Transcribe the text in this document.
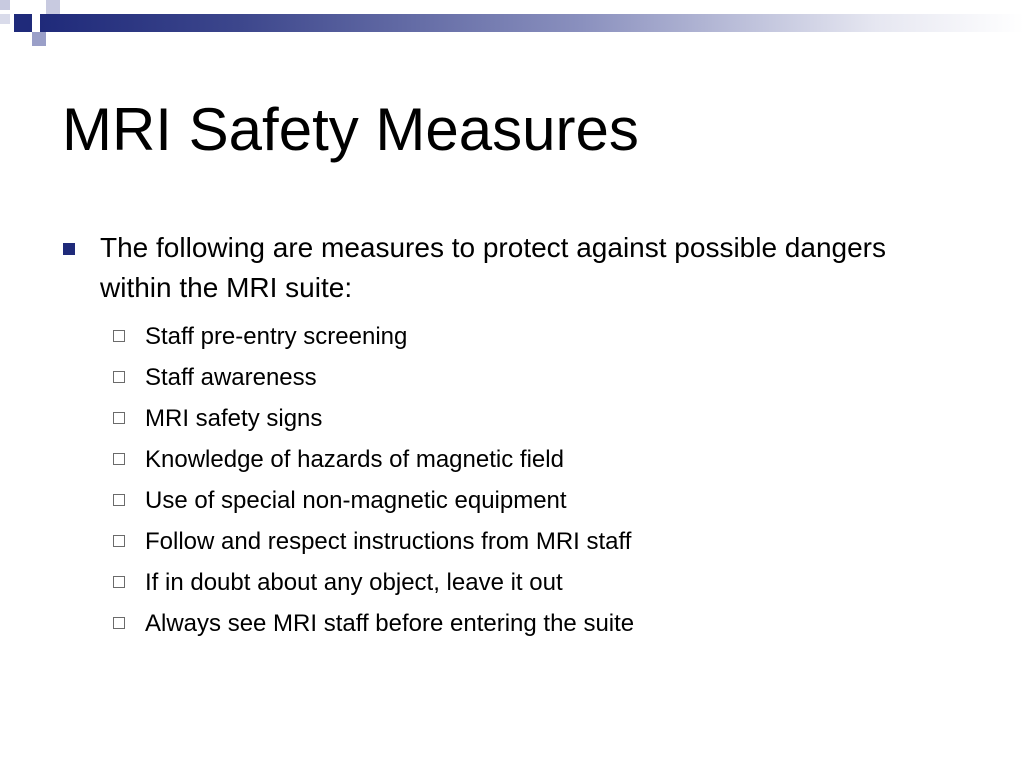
MRI Safety Measures

The following are measures to protect against possible dangers within the MRI suite:

Staff pre-entry screening
Staff awareness
MRI safety signs
Knowledge of hazards of magnetic field
Use of special non-magnetic equipment
Follow and respect instructions from MRI staff
If in doubt about any object, leave it out
Always see MRI staff before entering the suite
